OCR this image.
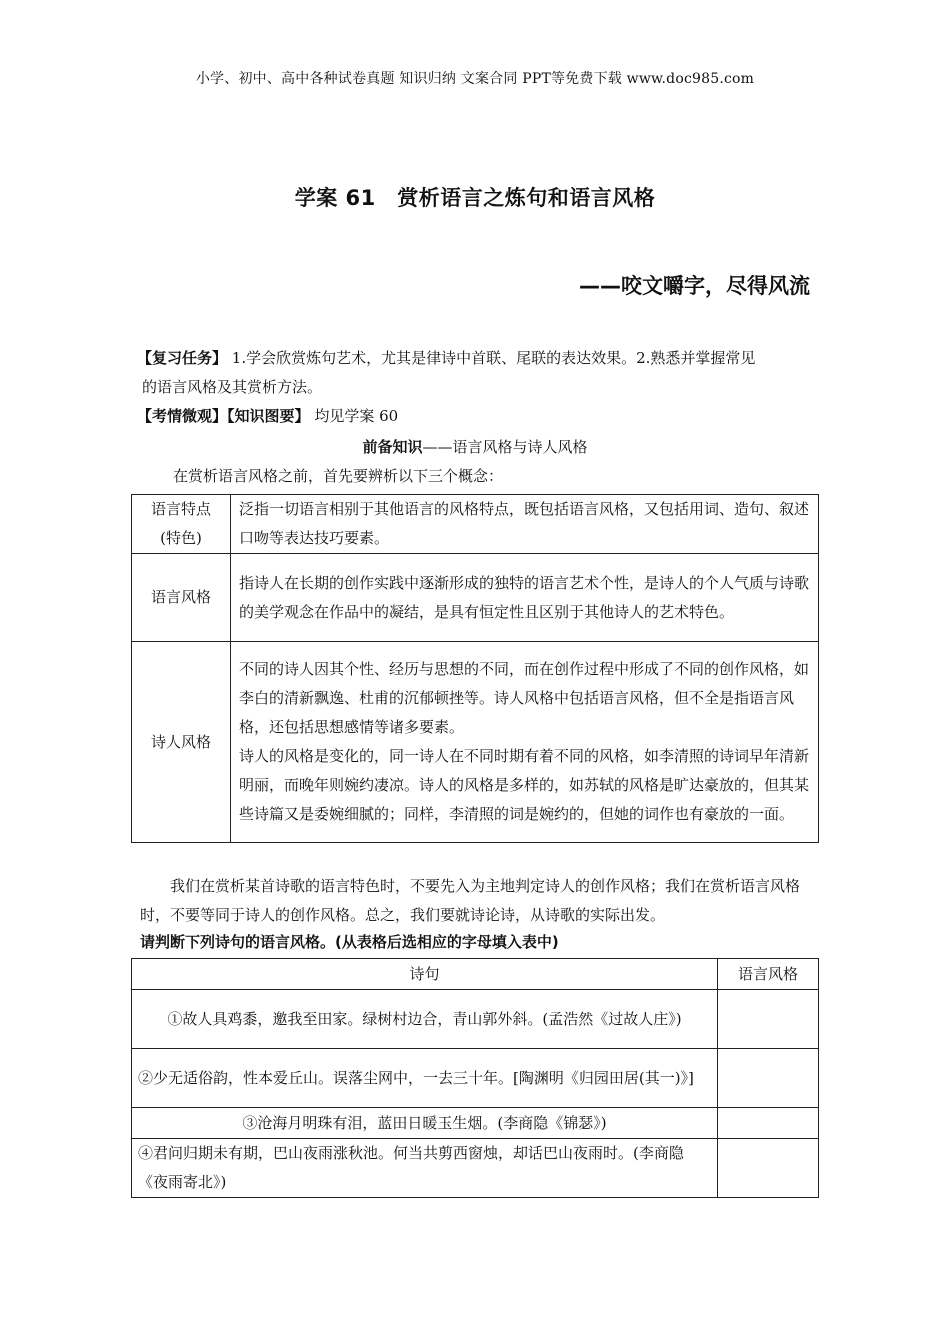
小学、初中、高中各种试卷真题 知识归纳 文案合同 PPT等免费下载 www.doc985.com
学案 61　赏析语言之炼句和语言风格
——咬文嚼字，尽得风流
【复习任务】 1.学会欣赏炼句艺术，尤其是律诗中首联、尾联的表达效果。2.熟悉并掌握常见
的语言风格及其赏析方法。
【考情微观】【知识图要】 均见学案 60
前备知识——语言风格与诗人风格
在赏析语言风格之前，首先要辨析以下三个概念：
语言特点
(特色)	泛指一切语言相别于其他语言的风格特点，既包括语言风格，又包括用词、造句、叙述口吻等表达技巧要素。
语言风格	指诗人在长期的创作实践中逐渐形成的独特的语言艺术个性，是诗人的个人气质与诗歌的美学观念在作品中的凝结，是具有恒定性且区别于其他诗人的艺术特色。
诗人风格	不同的诗人因其个性、经历与思想的不同，而在创作过程中形成了不同的创作风格，如李白的清新飘逸、杜甫的沉郁顿挫等。诗人风格中包括语言风格，但不全是指语言风格，还包括思想感情等诸多要素。
诗人的风格是变化的，同一诗人在不同时期有着不同的风格，如李清照的诗词早年清新明丽，而晚年则婉约凄凉。诗人的风格是多样的，如苏轼的风格是旷达豪放的，但其某些诗篇又是委婉细腻的；同样，李清照的词是婉约的，但她的词作也有豪放的一面。
我们在赏析某首诗歌的语言特色时，不要先入为主地判定诗人的创作风格；我们在赏析语言风格时，不要等同于诗人的创作风格。总之，我们要就诗论诗，从诗歌的实际出发。
请判断下列诗句的语言风格。(从表格后选相应的字母填入表中)
诗句	语言风格
①故人具鸡黍，邀我至田家。绿树村边合，青山郭外斜。(孟浩然《过故人庄》)	
②少无适俗韵，性本爱丘山。误落尘网中，一去三十年。[陶渊明《归园田居(其一)》]	
③沧海月明珠有泪，蓝田日暖玉生烟。(李商隐《锦瑟》)	
④君问归期未有期，巴山夜雨涨秋池。何当共剪西窗烛，却话巴山夜雨时。(李商隐《夜雨寄北》)	
